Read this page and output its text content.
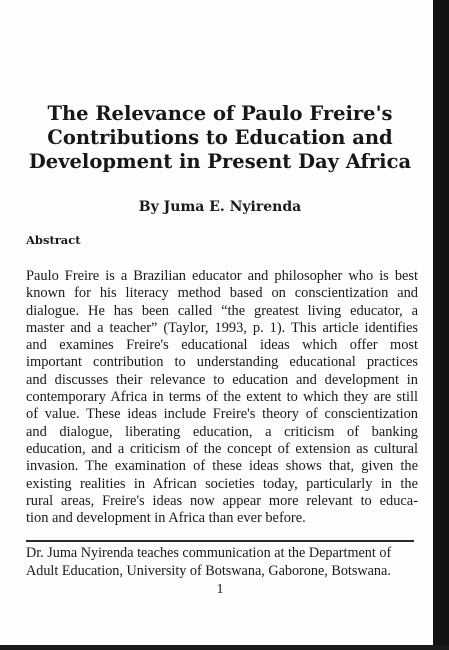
The Relevance of Paulo Freire's
Contributions to Education and
Development in Present Day Africa
By Juma E. Nyirenda
Abstract
Paulo Freire is a Brazilian educator and philosopher who is best
known for his literacy method based on conscientization and
dialogue. He has been called “the greatest living educator, a
master and a teacher” (Taylor, 1993, p. 1). This article identifies
and examines Freire's educational ideas which offer most
important contribution to understanding educational practices
and discusses their relevance to education and development in
contemporary Africa in terms of the extent to which they are still
of value. These ideas include Freire's theory of conscientization
and dialogue, liberating education, a criticism of banking
education, and a criticism of the concept of extension as cultural
invasion. The examination of these ideas shows that, given the
existing realities in African societies today, particularly in the
rural areas, Freire's ideas now appear more relevant to educa-
tion and development in Africa than ever before.
Dr. Juma Nyirenda teaches communication at the Department of
Adult Education, University of Botswana, Gaborone, Botswana.
1
